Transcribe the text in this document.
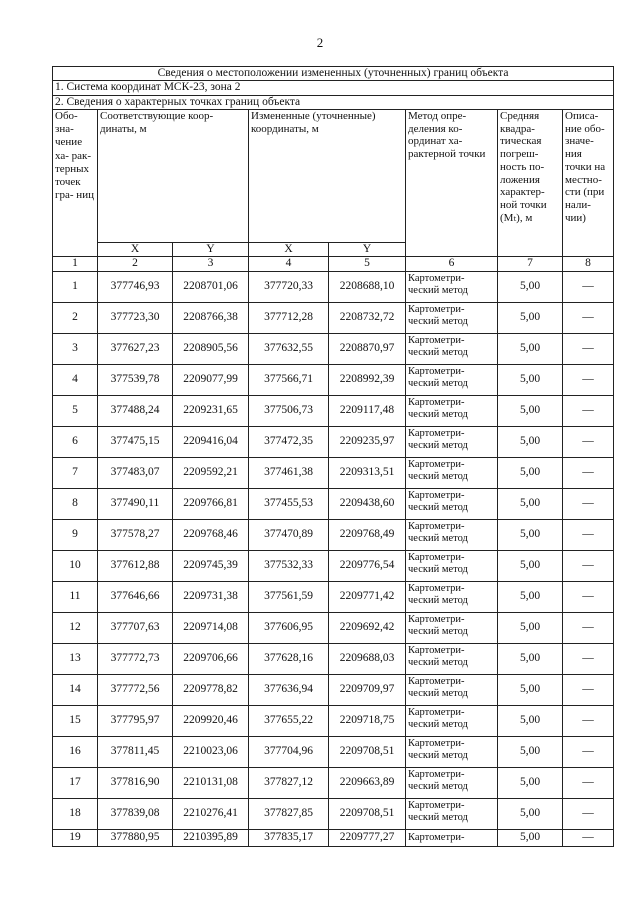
2
Сведения о местоположении измененных (уточненных) границ объекта							
1. Система координат МСК-23, зона 2							
2. Сведения о характерных точках границ объекта							
Обо- зна- чение ха- рак- терных точек гра- ниц	Соответствующие коор- динаты, м		Измененные (уточненные) координаты, м		Метод опре- деления ко- ординат ха- рактерной точки	Средняя квадра- тическая погреш- ность по- ложения характер- ной точки (Mₜ), м	Описа- ние обо- значе- ния точки на местно- сти (при нали- чии)
	X	Y	X	Y			
1	2	3	4	5	6	7	8
1	377746,93	2208701,06	377720,33	2208688,10	Картометри-
ческий метод	5,00	—
2	377723,30	2208766,38	377712,28	2208732,72	Картометри-
ческий метод	5,00	—
3	377627,23	2208905,56	377632,55	2208870,97	Картометри-
ческий метод	5,00	—
4	377539,78	2209077,99	377566,71	2208992,39	Картометри-
ческий метод	5,00	—
5	377488,24	2209231,65	377506,73	2209117,48	Картометри-
ческий метод	5,00	—
6	377475,15	2209416,04	377472,35	2209235,97	Картометри-
ческий метод	5,00	—
7	377483,07	2209592,21	377461,38	2209313,51	Картометри-
ческий метод	5,00	—
8	377490,11	2209766,81	377455,53	2209438,60	Картометри-
ческий метод	5,00	—
9	377578,27	2209768,46	377470,89	2209768,49	Картометри-
ческий метод	5,00	—
10	377612,88	2209745,39	377532,33	2209776,54	Картометри-
ческий метод	5,00	—
11	377646,66	2209731,38	377561,59	2209771,42	Картометри-
ческий метод	5,00	—
12	377707,63	2209714,08	377606,95	2209692,42	Картометри-
ческий метод	5,00	—
13	377772,73	2209706,66	377628,16	2209688,03	Картометри-
ческий метод	5,00	—
14	377772,56	2209778,82	377636,94	2209709,97	Картометри-
ческий метод	5,00	—
15	377795,97	2209920,46	377655,22	2209718,75	Картометри-
ческий метод	5,00	—
16	377811,45	2210023,06	377704,96	2209708,51	Картометри-
ческий метод	5,00	—
17	377816,90	2210131,08	377827,12	2209663,89	Картометри-
ческий метод	5,00	—
18	377839,08	2210276,41	377827,85	2209708,51	Картометри-
ческий метод	5,00	—
19	377880,95	2210395,89	377835,17	2209777,27	Картометри-	5,00	—
